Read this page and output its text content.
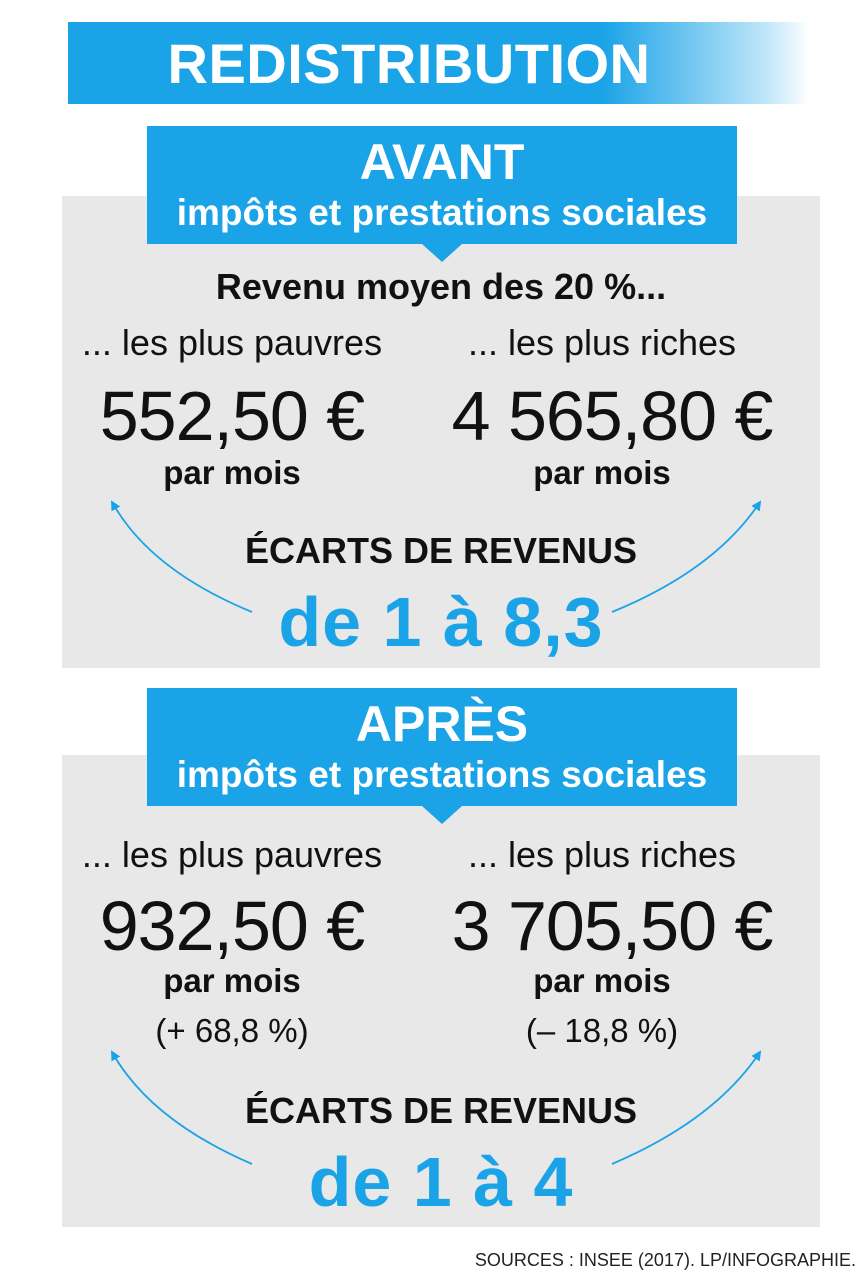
REDISTRIBUTION
AVANT
impôts et prestations sociales
Revenu moyen des 20 %...
... les plus pauvres	... les plus riches
552,50 €	4 565,80 €
par mois	par mois
ÉCARTS DE REVENUS
de 1 à 8,3
APRÈS
impôts et prestations sociales
... les plus pauvres	... les plus riches
932,50 €	3 705,50 €
par mois	par mois
(+ 68,8 %)	(– 18,8 %)
ÉCARTS DE REVENUS
de 1 à 4
SOURCES : INSEE (2017). LP/INFOGRAPHIE.
